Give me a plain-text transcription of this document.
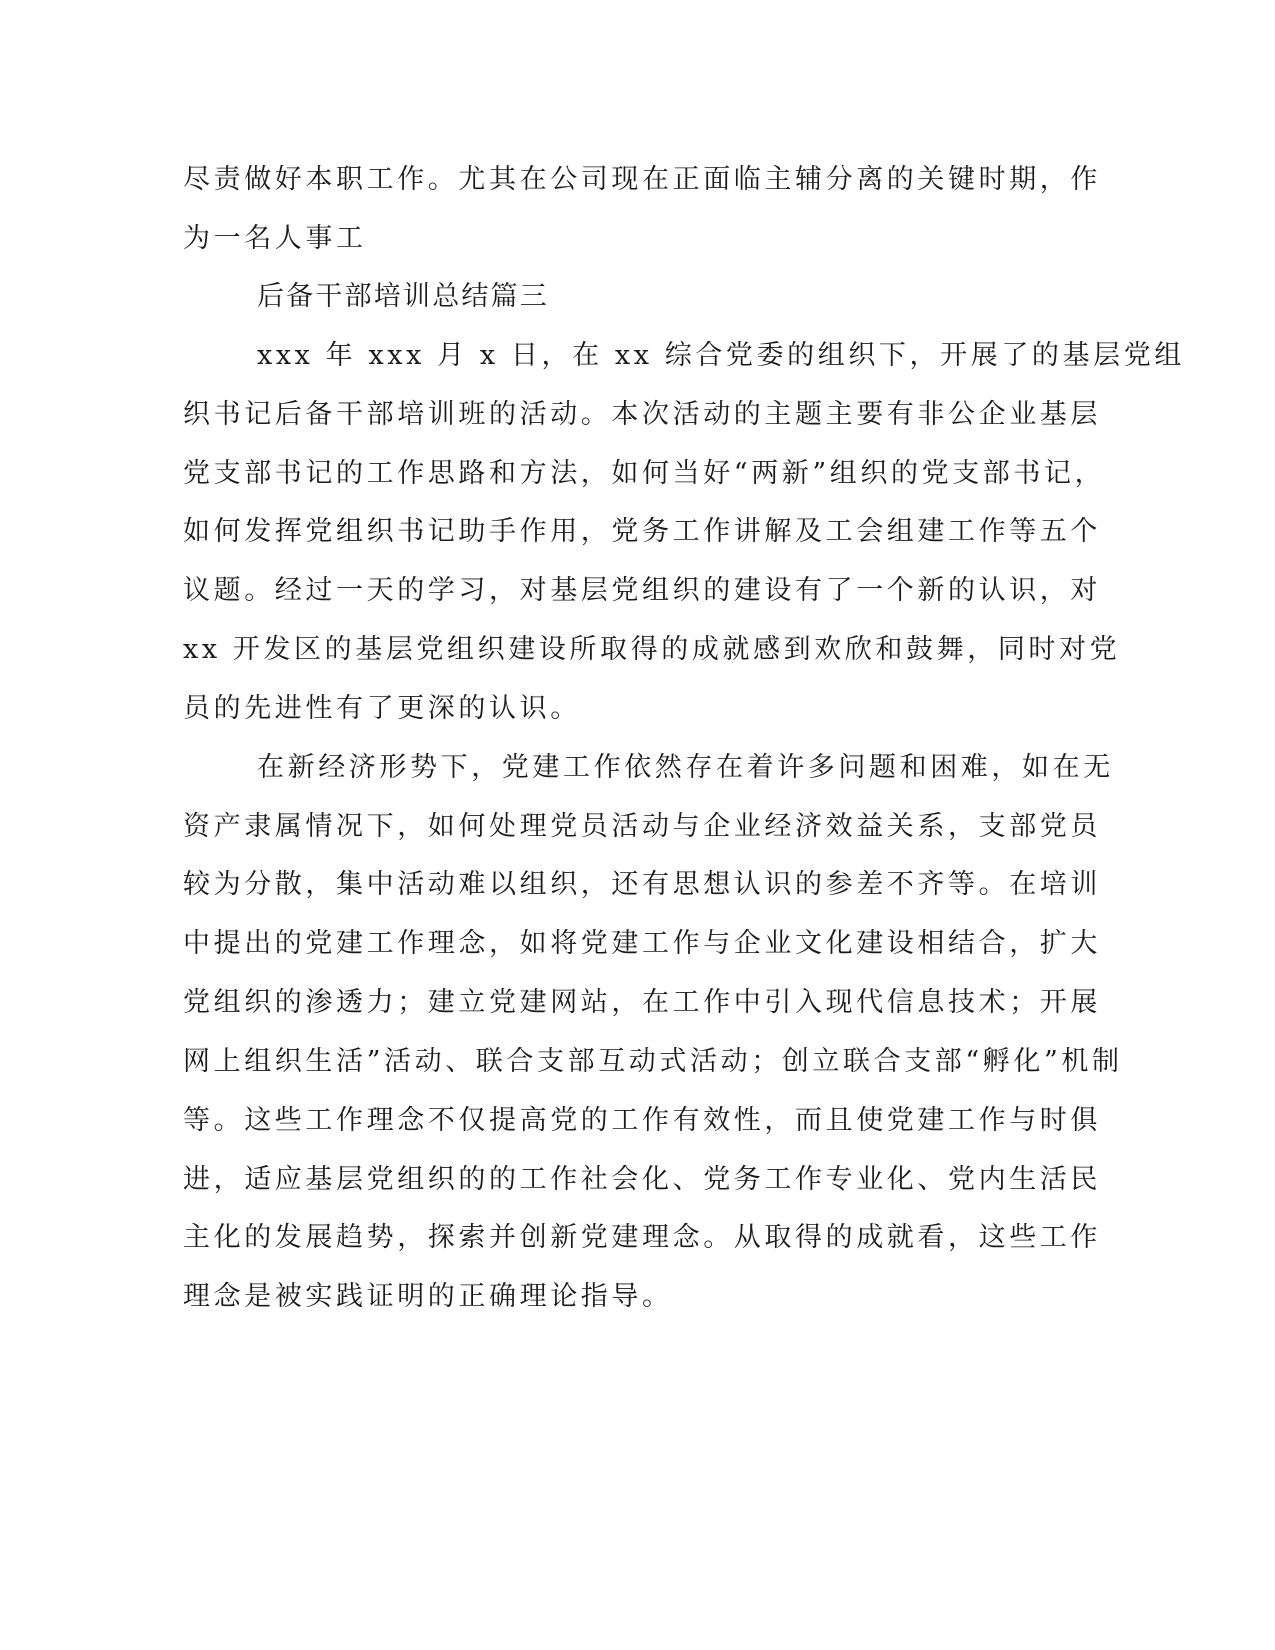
尽责做好本职工作。尤其在公司现在正面临主辅分离的关键时期，作
为一名人事工
后备干部培训总结篇三
xxx 年 xxx 月 x 日，在 xx 综合党委的组织下，开展了的基层党组
织书记后备干部培训班的活动。本次活动的主题主要有非公企业基层
党支部书记的工作思路和方法，如何当好“两新”组织的党支部书记，
如何发挥党组织书记助手作用，党务工作讲解及工会组建工作等五个
议题。经过一天的学习，对基层党组织的建设有了一个新的认识，对
xx 开发区的基层党组织建设所取得的成就感到欢欣和鼓舞，同时对党
员的先进性有了更深的认识。
在新经济形势下，党建工作依然存在着许多问题和困难，如在无
资产隶属情况下，如何处理党员活动与企业经济效益关系，支部党员
较为分散，集中活动难以组织，还有思想认识的参差不齐等。在培训
中提出的党建工作理念，如将党建工作与企业文化建设相结合，扩大
党组织的渗透力；建立党建网站，在工作中引入现代信息技术；开展
网上组织生活”活动、联合支部互动式活动；创立联合支部“孵化”机制
等。这些工作理念不仅提高党的工作有效性，而且使党建工作与时俱
进，适应基层党组织的的工作社会化、党务工作专业化、党内生活民
主化的发展趋势，探索并创新党建理念。从取得的成就看，这些工作
理念是被实践证明的正确理论指导。
